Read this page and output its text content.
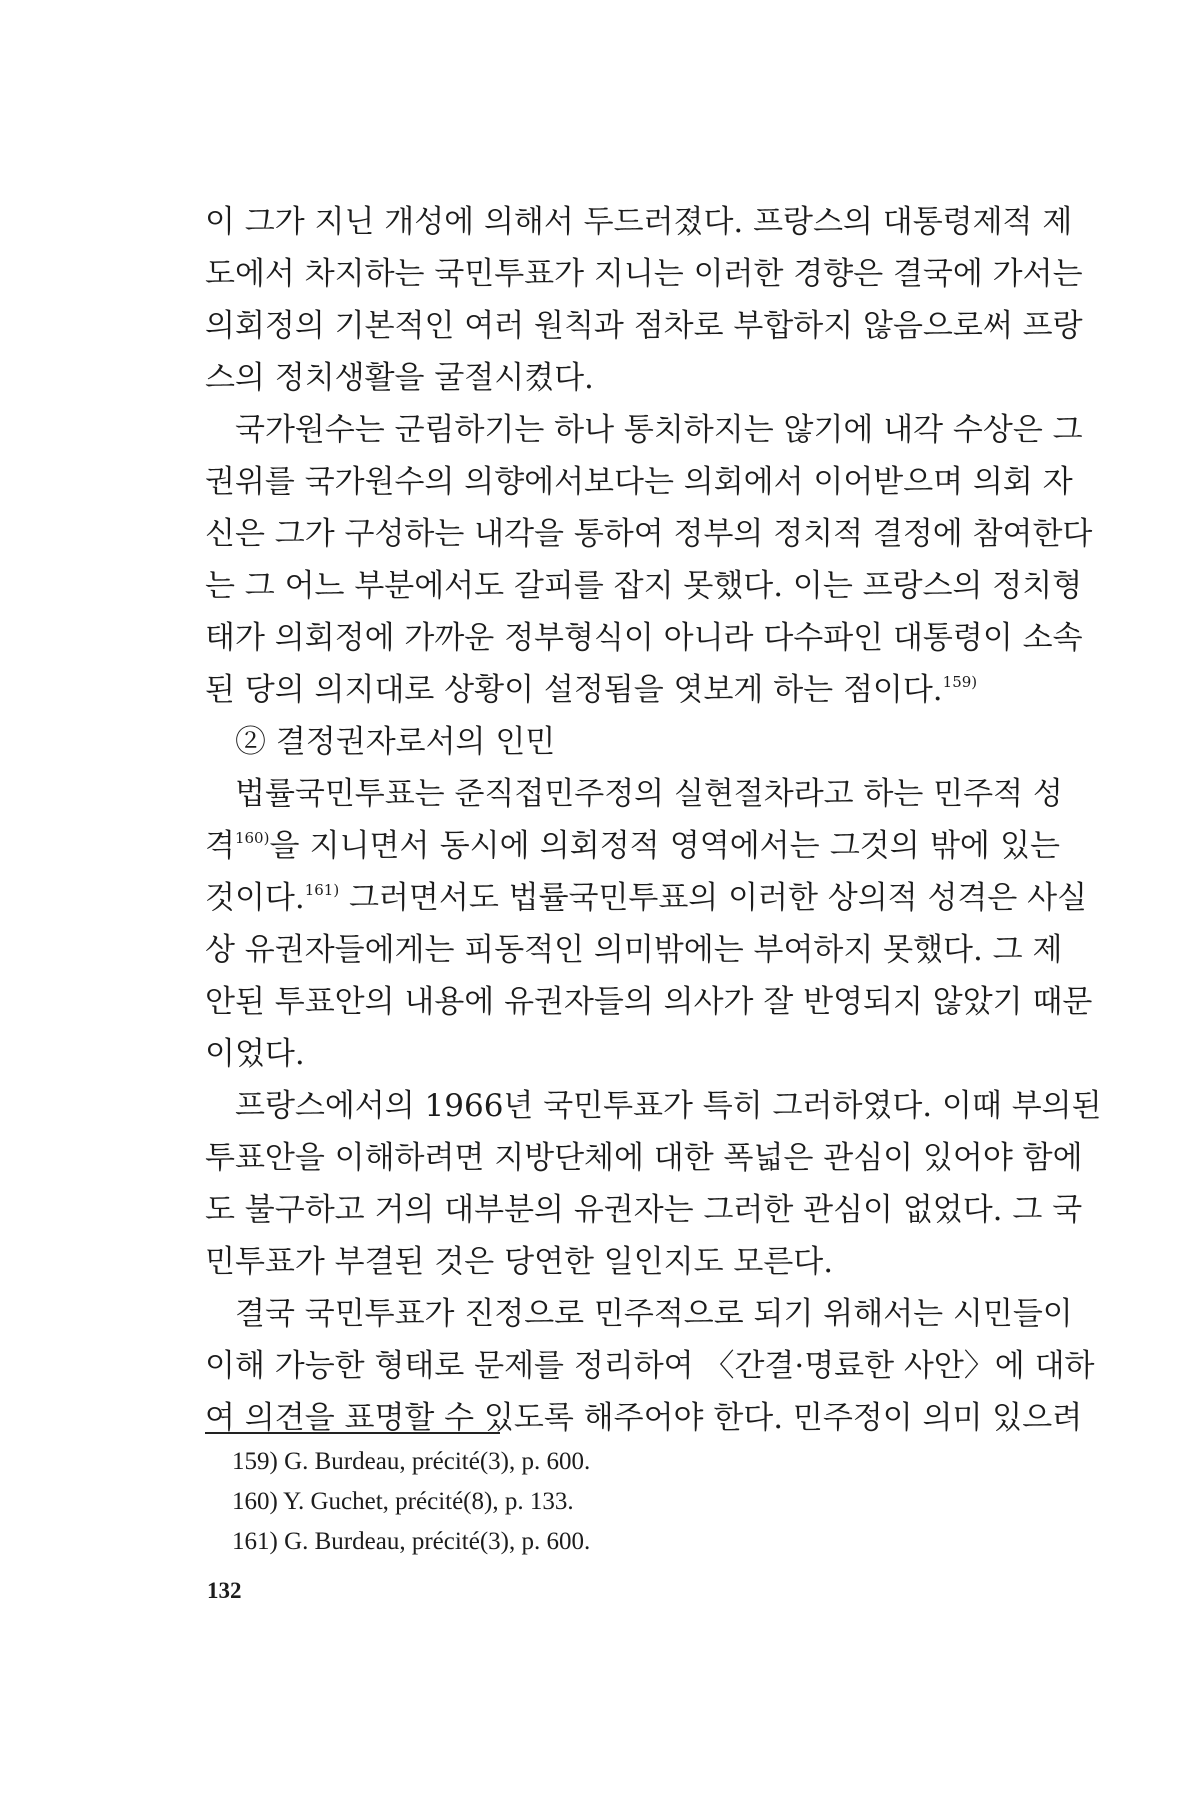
이 그가 지닌 개성에 의해서 두드러졌다. 프랑스의 대통령제적 제
도에서 차지하는 국민투표가 지니는 이러한 경향은 결국에 가서는
의회정의 기본적인 여러 원칙과 점차로 부합하지 않음으로써 프랑
스의 정치생활을 굴절시켰다.
국가원수는 군림하기는 하나 통치하지는 않기에 내각 수상은 그
권위를 국가원수의 의향에서보다는 의회에서 이어받으며 의회 자
신은 그가 구성하는 내각을 통하여 정부의 정치적 결정에 참여한다
는 그 어느 부분에서도 갈피를 잡지 못했다. 이는 프랑스의 정치형
태가 의회정에 가까운 정부형식이 아니라 다수파인 대통령이 소속
된 당의 의지대로 상황이 설정됨을 엿보게 하는 점이다.$^{159)}$
② 결정권자로서의 인민
법률국민투표는 준직접민주정의 실현절차라고 하는 민주적 성
격$^{160)}$을 지니면서 동시에 의회정적 영역에서는 그것의 밖에 있는
것이다.$^{161)}$ 그러면서도 법률국민투표의 이러한 상의적 성격은 사실
상 유권자들에게는 피동적인 의미밖에는 부여하지 못했다. 그 제
안된 투표안의 내용에 유권자들의 의사가 잘 반영되지 않았기 때문
이었다.
프랑스에서의 1966년 국민투표가 특히 그러하였다. 이때 부의된
투표안을 이해하려면 지방단체에 대한 폭넓은 관심이 있어야 함에
도 불구하고 거의 대부분의 유권자는 그러한 관심이 없었다. 그 국
민투표가 부결된 것은 당연한 일인지도 모른다.
결국 국민투표가 진정으로 민주적으로 되기 위해서는 시민들이
이해 가능한 형태로 문제를 정리하여 〈간결·명료한 사안〉에 대하
여 의견을 표명할 수 있도록 해주어야 한다. 민주정이 의미 있으려
159) G. Burdeau, précité(3), p. 600.
160) Y. Guchet, précité(8), p. 133.
161) G. Burdeau, précité(3), p. 600.
132
